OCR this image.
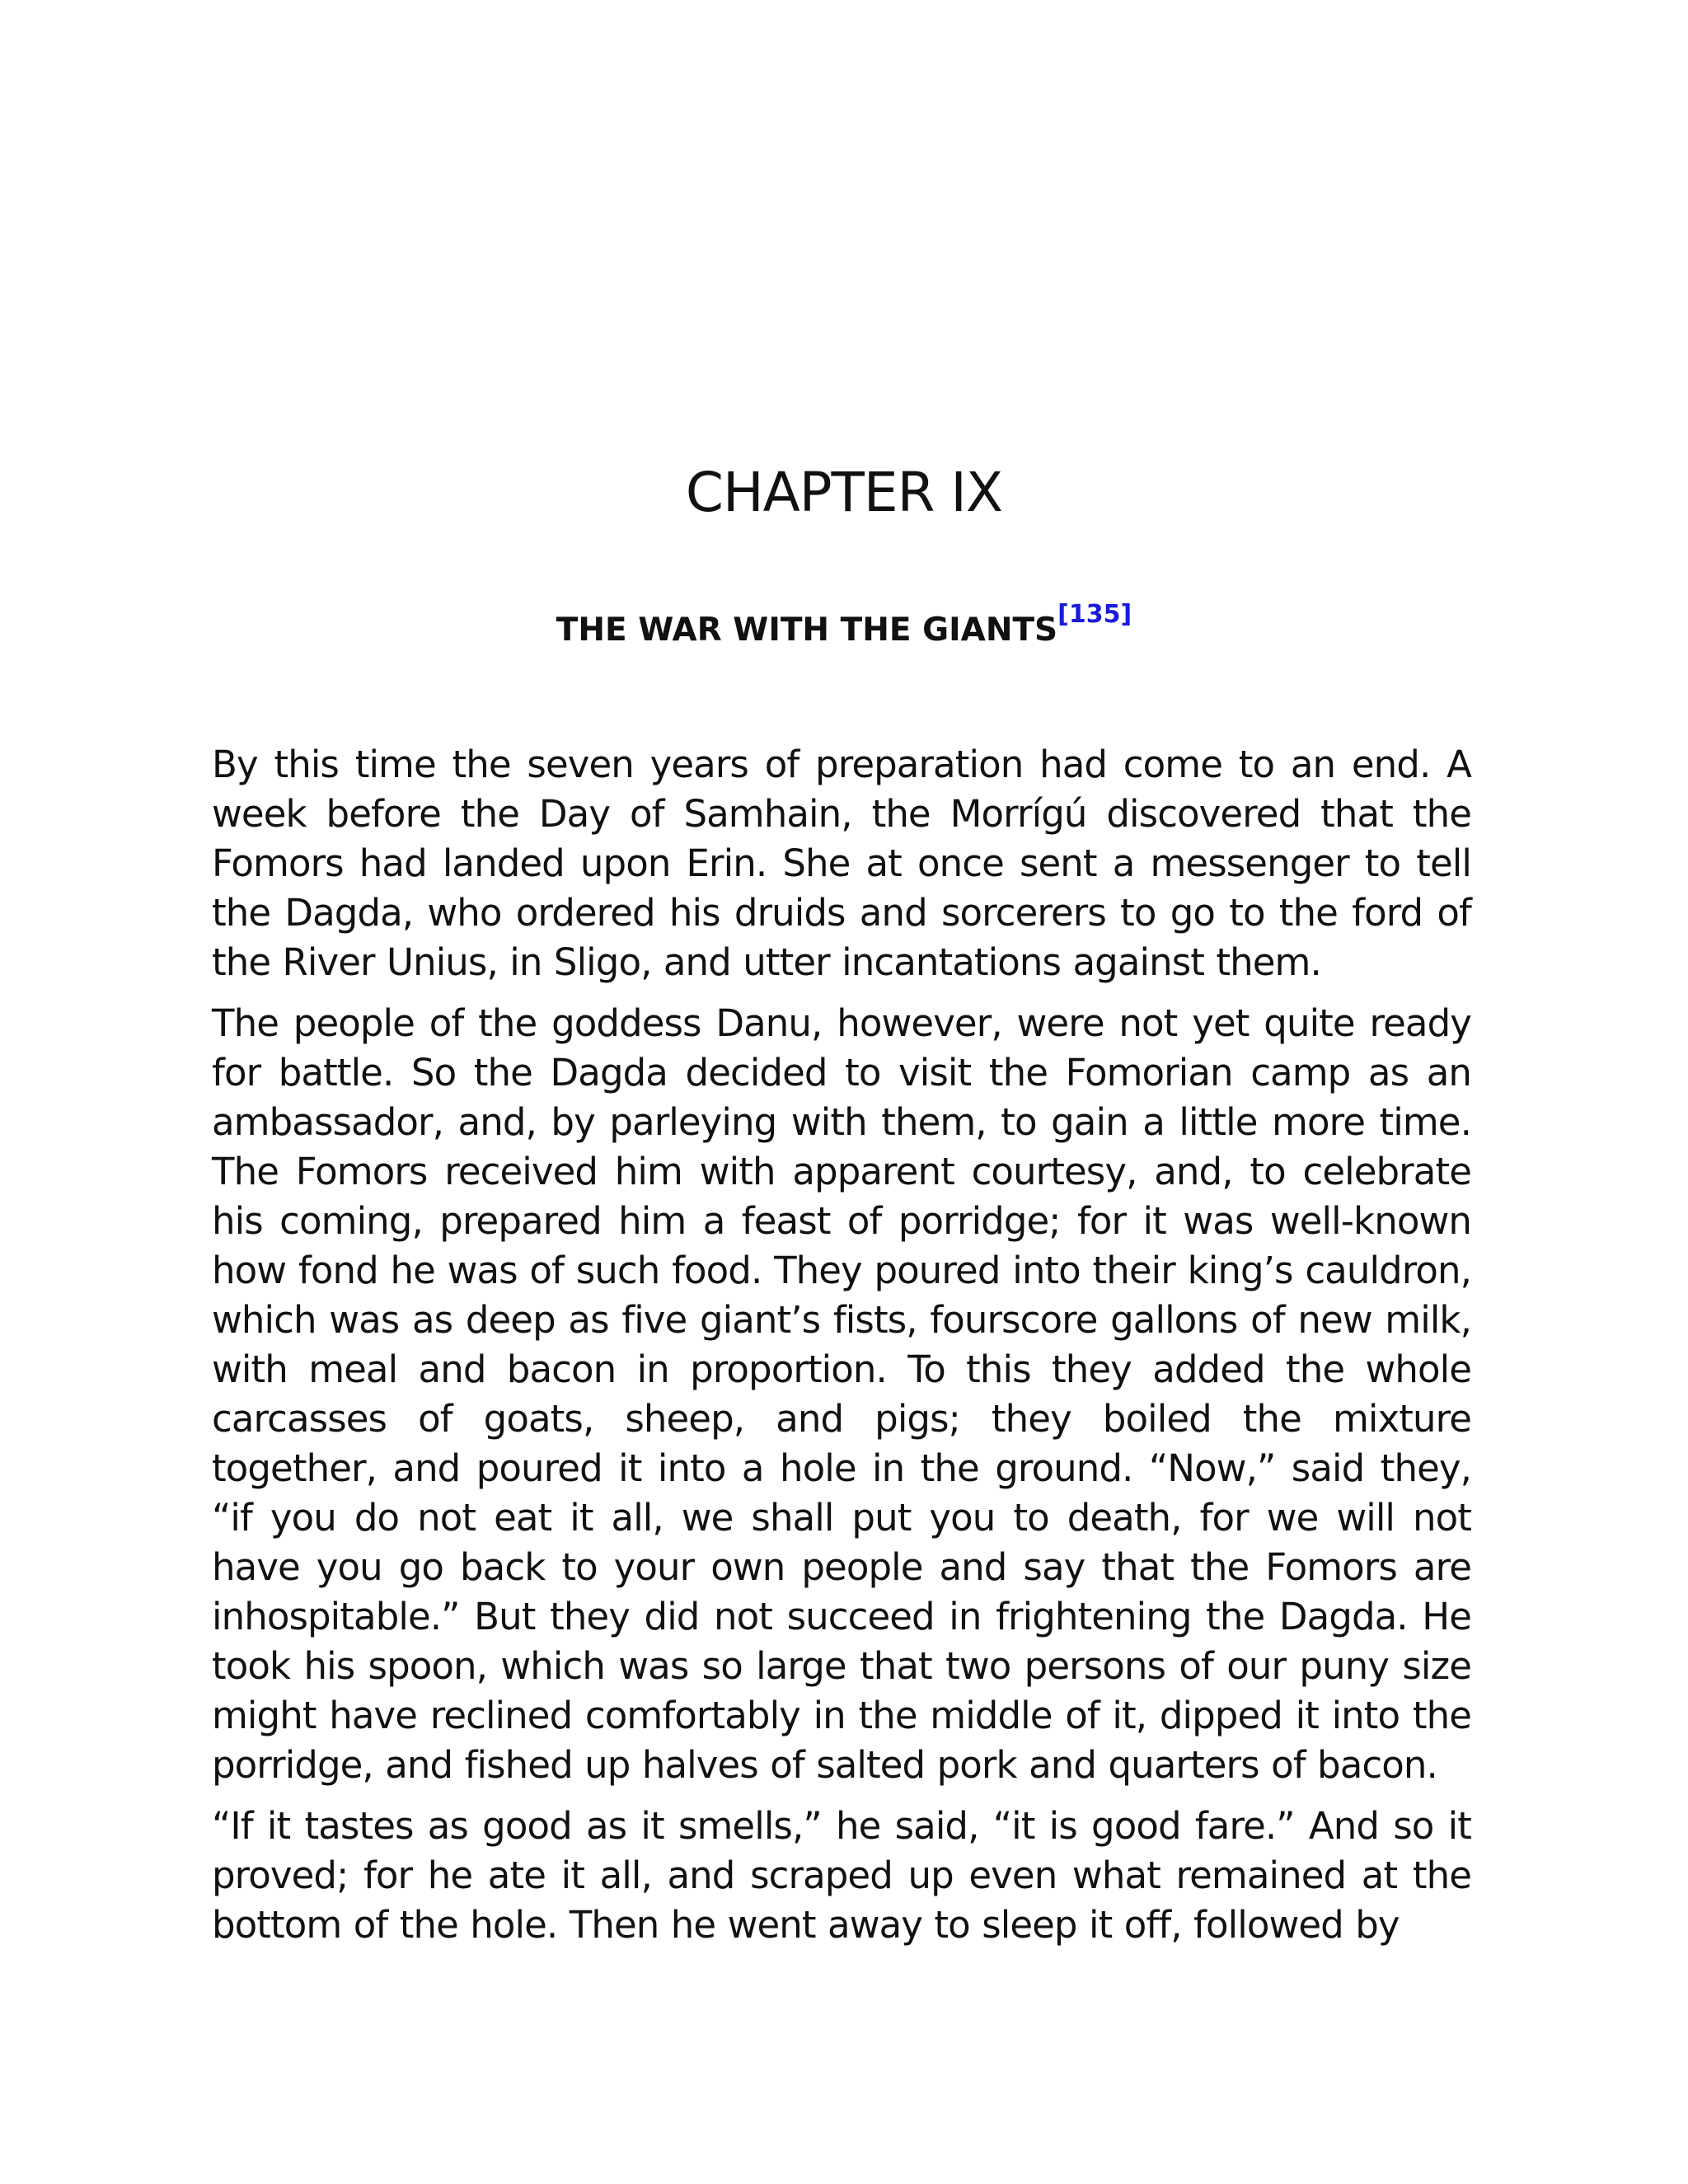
CHAPTER IX
THE WAR WITH THE GIANTS[135]

By this time the seven years of preparation had come to an end. A week before the Day of Samhain, the Morrígú discovered that the Fomors had landed upon Erin. She at once sent a messenger to tell the Dagda, who ordered his druids and sorcerers to go to the ford of the River Unius, in Sligo, and utter incantations against them.

The people of the goddess Danu, however, were not yet quite ready for battle. So the Dagda decided to visit the Fomorian camp as an ambassador, and, by parleying with them, to gain a little more time. The Fomors received him with apparent courtesy, and, to celebrate his coming, prepared him a feast of porridge; for it was well-known how fond he was of such food. They poured into their king’s cauldron, which was as deep as five giant’s fists, fourscore gallons of new milk, with meal and bacon in proportion. To this they added the whole carcasses of goats, sheep, and pigs; they boiled the mixture together, and poured it into a hole in the ground. “Now,” said they, “if you do not eat it all, we shall put you to death, for we will not have you go back to your own people and say that the Fomors are inhospitable.” But they did not succeed in frightening the Dagda. He took his spoon, which was so large that two persons of our puny size might have reclined comfortably in the middle of it, dipped it into the porridge, and fished up halves of salted pork and quarters of bacon.

“If it tastes as good as it smells,” he said, “it is good fare.” And so it proved; for he ate it all, and scraped up even what remained at the bottom of the hole. Then he went away to sleep it off, followed by
